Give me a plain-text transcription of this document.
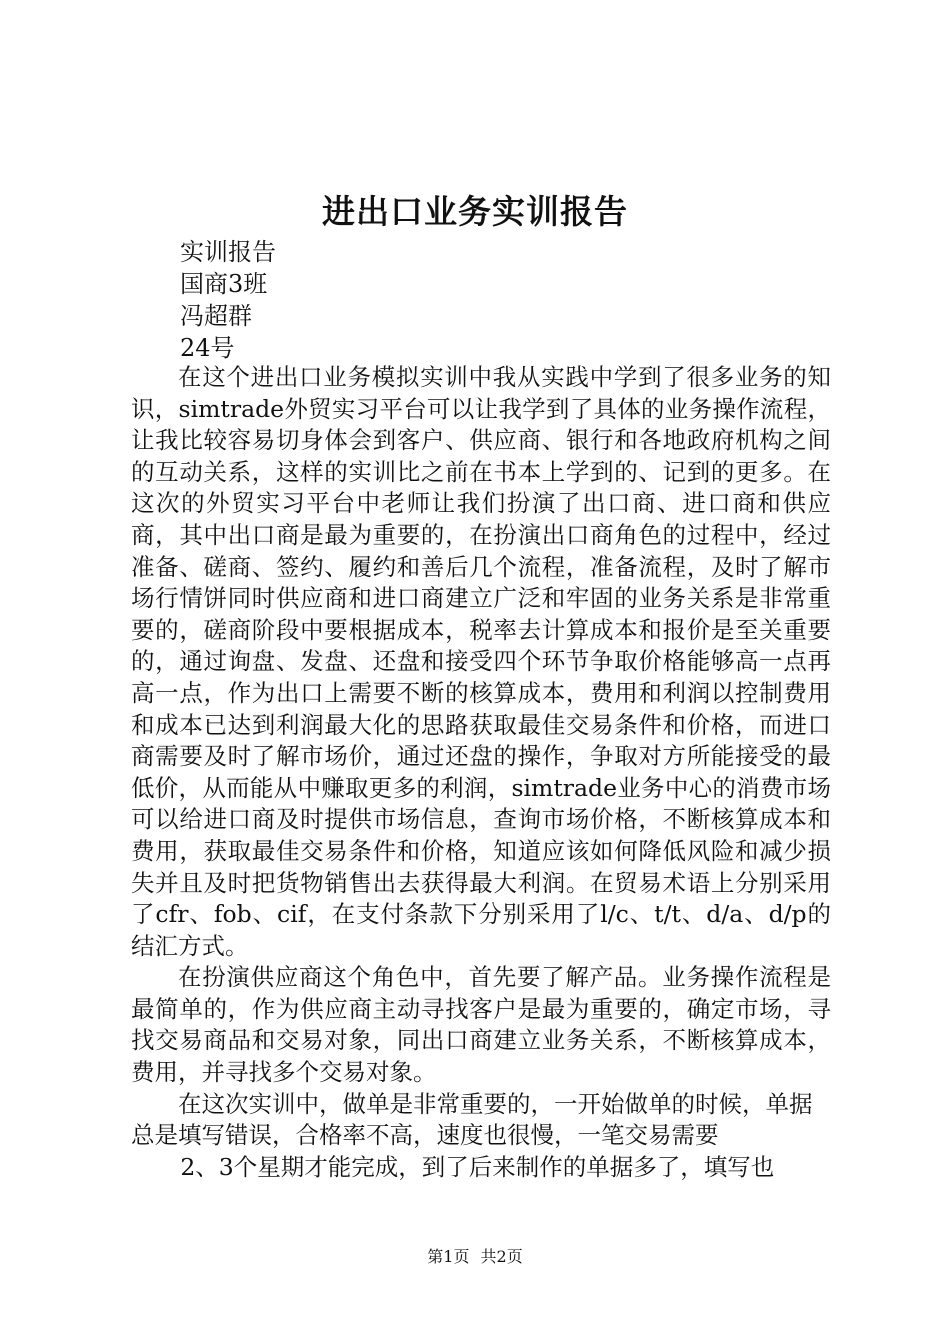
进出口业务实训报告
实训报告
国商3班
冯超群
24号

在这个进出口业务模拟实训中我从实践中学到了很多业务的知识，simtrade外贸实习平台可以让我学到了具体的业务操作流程，让我比较容易切身体会到客户、供应商、银行和各地政府机构之间的互动关系，这样的实训比之前在书本上学到的、记到的更多。在这次的外贸实习平台中老师让我们扮演了出口商、进口商和供应商，其中出口商是最为重要的，在扮演出口商角色的过程中，经过准备、磋商、签约、履约和善后几个流程，准备流程，及时了解市场行情饼同时供应商和进口商建立广泛和牢固的业务关系是非常重要的，磋商阶段中要根据成本，税率去计算成本和报价是至关重要的，通过询盘、发盘、还盘和接受四个环节争取价格能够高一点再高一点，作为出口上需要不断的核算成本，费用和利润以控制费用和成本已达到利润最大化的思路获取最佳交易条件和价格，而进口商需要及时了解市场价，通过还盘的操作，争取对方所能接受的最低价，从而能从中赚取更多的利润，simtrade业务中心的消费市场可以给进口商及时提供市场信息，查询市场价格，不断核算成本和费用，获取最佳交易条件和价格，知道应该如何降低风险和减少损失并且及时把货物销售出去获得最大利润。在贸易术语上分别采用了cfr、fob、cif，在支付条款下分别采用了l/c、t/t、d/a、d/p的结汇方式。

在扮演供应商这个角色中，首先要了解产品。业务操作流程是最简单的，作为供应商主动寻找客户是最为重要的，确定市场，寻找交易商品和交易对象，同出口商建立业务关系，不断核算成本，费用，并寻找多个交易对象。

在这次实训中，做单是非常重要的，一开始做单的时候，单据总是填写错误，合格率不高，速度也很慢，一笔交易需要

2、3个星期才能完成，到了后来制作的单据多了，填写也

第1页 共2页
